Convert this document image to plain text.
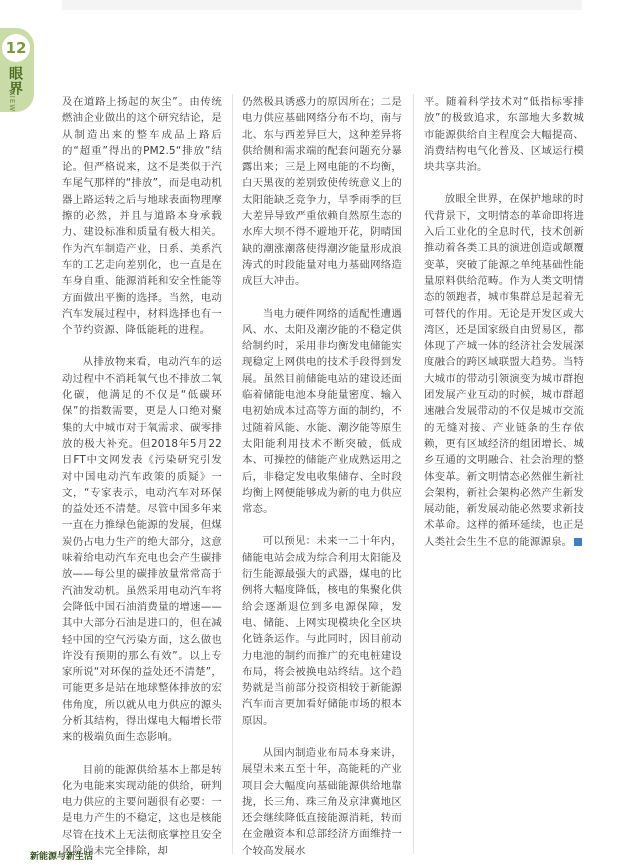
12
眼界
VIEW	及在道路上扬起的灰尘”。由传统燃油企业做出的这个研究结论，是从制造出来的整车成品上路后的“超重”得出的PM2.5“排放”结论。但严格说来，这不是类似于汽车尾气那样的“排放”，而是电动机器上路运转之后与地球表面物理摩擦的必然，并且与道路本身承载力、建设标准和质量有极大相关。作为汽车制造产业，日系、美系汽车的工艺走向差别化，也一直是在车身自重、能源消耗和安全性能等方面做出平衡的选择。当然，电动汽车发展过程中，材料选择也有一个节约资源、降低能耗的进程。

从排放物来看，电动汽车的运动过程中不消耗氧气也不排放二氧化碳，他满足的不仅是“低碳环保”的指数需要，更是人口绝对聚集的大中城市对于氧需求、碳零排放的极大补充。但2018年5月22日FT中文网发表《污染研究引发对中国电动汽车政策的质疑》一文，“专家表示，电动汽车对环保的益处还不清楚。尽管中国多年来一直在力推绿色能源的发展，但煤炭仍占电力生产的绝大部分，这意味着给电动汽车充电也会产生碳排放——每公里的碳排放量常常高于汽油发动机。虽然采用电动汽车将会降低中国石油消费量的增速——其中大部分石油是进口的，但在减轻中国的空气污染方面，这么做也许没有预期的那么有效”。以上专家所说“对环保的益处还不清楚”，可能更多是站在地球整体排放的宏伟角度，所以就从电力供应的源头分析其结构，得出煤电大幅增长带来的极端负面生态影响。

目前的能源供给基本上都是转化为电能来实现动能的供给，研判电力供应的主要问题很有必要：一是电力产生的不稳定，这也是核能尽管在技术上无法彻底掌控且安全风险尚未完全排除，却

仍然极具诱惑力的原因所在；二是电力供应基础网络分布不均，南与北、东与西差异巨大，这种差异将供给侧和需求端的配套问题充分暴露出来；三是上网电能的不均衡，白天黑夜的差别致使传统意义上的太阳能缺乏竞争力，旱季雨季的巨大差异导致严重依赖自然原生态的水库大坝不得不避地开花，阴晴国缺的潮涨潮落使得潮汐能量形成浪涛式的时段能量对电力基础网络造成巨大冲击。

当电力硬件网络的适配性遭遇风、水、太阳及潮汐能的不稳定供给制约时，采用非均衡发电储能实现稳定上网供电的技术手段得到发展。虽然目前储能电站的建设还面临着储能电池本身能量密度、输入电初始成本过高等方面的制约，不过随着风能、水能、潮汐能等原生太阳能利用技术不断突破，低成本、可操控的储能产业成熟运用之后，非稳定发电收集储存、全时段均衡上网便能够成为新的电力供应常态。

可以预见：未来一二十年内，储能电站会成为综合利用太阳能及衍生能源最强大的武器，煤电的比例将大幅度降低，核电的集聚化供给会逐渐退位到多电源保障，发电、储能、上网实现模块化全区块化链条运作。与此同时，因目前动力电池的制约而推广的充电桩建设布局，将会被换电站终结。这个趋势就是当前部分投资相较于新能源汽车而言更加看好储能市场的根本原因。

从国内制造业布局本身来讲，展望未来五至十年，高能耗的产业项目会大幅度向基础能源供给地靠拢，长三角、珠三角及京津冀地区还会继续降低直接能源消耗，转而在金融资本和总部经济方面维持一个较高发展水

平。随着科学技术对“低指标零排放”的极致追求，东部地大多数城市能源供给自主程度会大幅提高、消费结构电气化普及、区域运行模块共享共治。

放眼全世界，在保护地球的时代背景下，文明情态的革命即将进入后工业化的全息时代，技术创新推动着各类工具的演进创造或颠覆变革，突破了能源之单纯基础性能量原料供给范畴。作为人类文明情态的领跑者，城市集群总是起着无可替代的作用。无论是开发区或大湾区，还是国家级自由贸易区，都体现了产城一体的经济社会发展深度融合的跨区域联盟大趋势。当特大城市的带动引领演变为城市群抱团发展产业互动的时候，城市群超速融合发展带动的不仅是城市交流的无缝对接、产业链条的生存依赖，更有区域经济的组团增长、城乡互通的文明融合、社会治理的整体变革。新文明情态必然催生新社会架构，新社会架构必然产生新发展动能，新发展动能必然要求新技术革命。这样的循环延续，也正是人类社会生生不息的能源源泉。

新能源与新生活
